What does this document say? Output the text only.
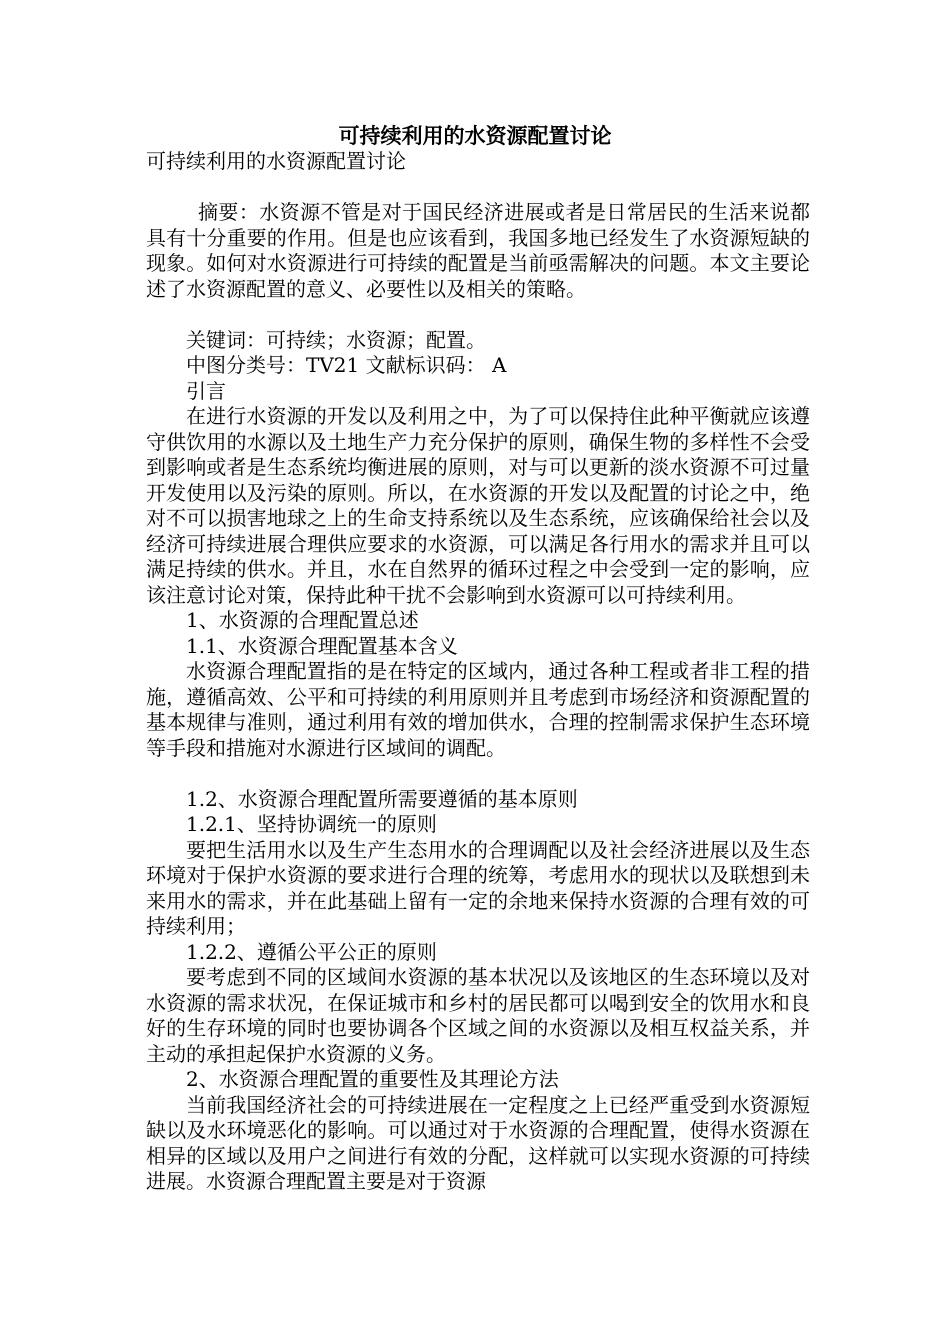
可持续利用的水资源配置讨论

可持续利用的水资源配置讨论

摘要：水资源不管是对于国民经济进展或者是日常居民的生活来说都具有十分重要的作用。但是也应该看到，我国多地已经发生了水资源短缺的现象。如何对水资源进行可持续的配置是当前亟需解决的问题。本文主要论述了水资源配置的意义、必要性以及相关的策略。

关键词：可持续；水资源；配置。

中图分类号：TV21 文献标识码： A

引言

在进行水资源的开发以及利用之中，为了可以保持住此种平衡就应该遵守供饮用的水源以及土地生产力充分保护的原则，确保生物的多样性不会受到影响或者是生态系统均衡进展的原则，对与可以更新的淡水资源不可过量开发使用以及污染的原则。所以，在水资源的开发以及配置的讨论之中，绝对不可以损害地球之上的生命支持系统以及生态系统，应该确保给社会以及经济可持续进展合理供应要求的水资源，可以满足各行用水的需求并且可以满足持续的供水。并且，水在自然界的循环过程之中会受到一定的影响，应该注意讨论对策，保持此种干扰不会影响到水资源可以可持续利用。

1、水资源的合理配置总述

1.1、水资源合理配置基本含义

水资源合理配置指的是在特定的区域内，通过各种工程或者非工程的措施，遵循高效、公平和可持续的利用原则并且考虑到市场经济和资源配置的基本规律与准则，通过利用有效的增加供水，合理的控制需求保护生态环境等手段和措施对水源进行区域间的调配。

1.2、水资源合理配置所需要遵循的基本原则

1.2.1、坚持协调统一的原则

要把生活用水以及生产生态用水的合理调配以及社会经济进展以及生态环境对于保护水资源的要求进行合理的统筹，考虑用水的现状以及联想到未来用水的需求，并在此基础上留有一定的余地来保持水资源的合理有效的可持续利用；

1.2.2、遵循公平公正的原则

要考虑到不同的区域间水资源的基本状况以及该地区的生态环境以及对水资源的需求状况，在保证城市和乡村的居民都可以喝到安全的饮用水和良好的生存环境的同时也要协调各个区域之间的水资源以及相互权益关系，并主动的承担起保护水资源的义务。

2、水资源合理配置的重要性及其理论方法

当前我国经济社会的可持续进展在一定程度之上已经严重受到水资源短缺以及水环境恶化的影响。可以通过对于水资源的合理配置，使得水资源在相异的区域以及用户之间进行有效的分配，这样就可以实现水资源的可持续进展。水资源合理配置主要是对于资源
